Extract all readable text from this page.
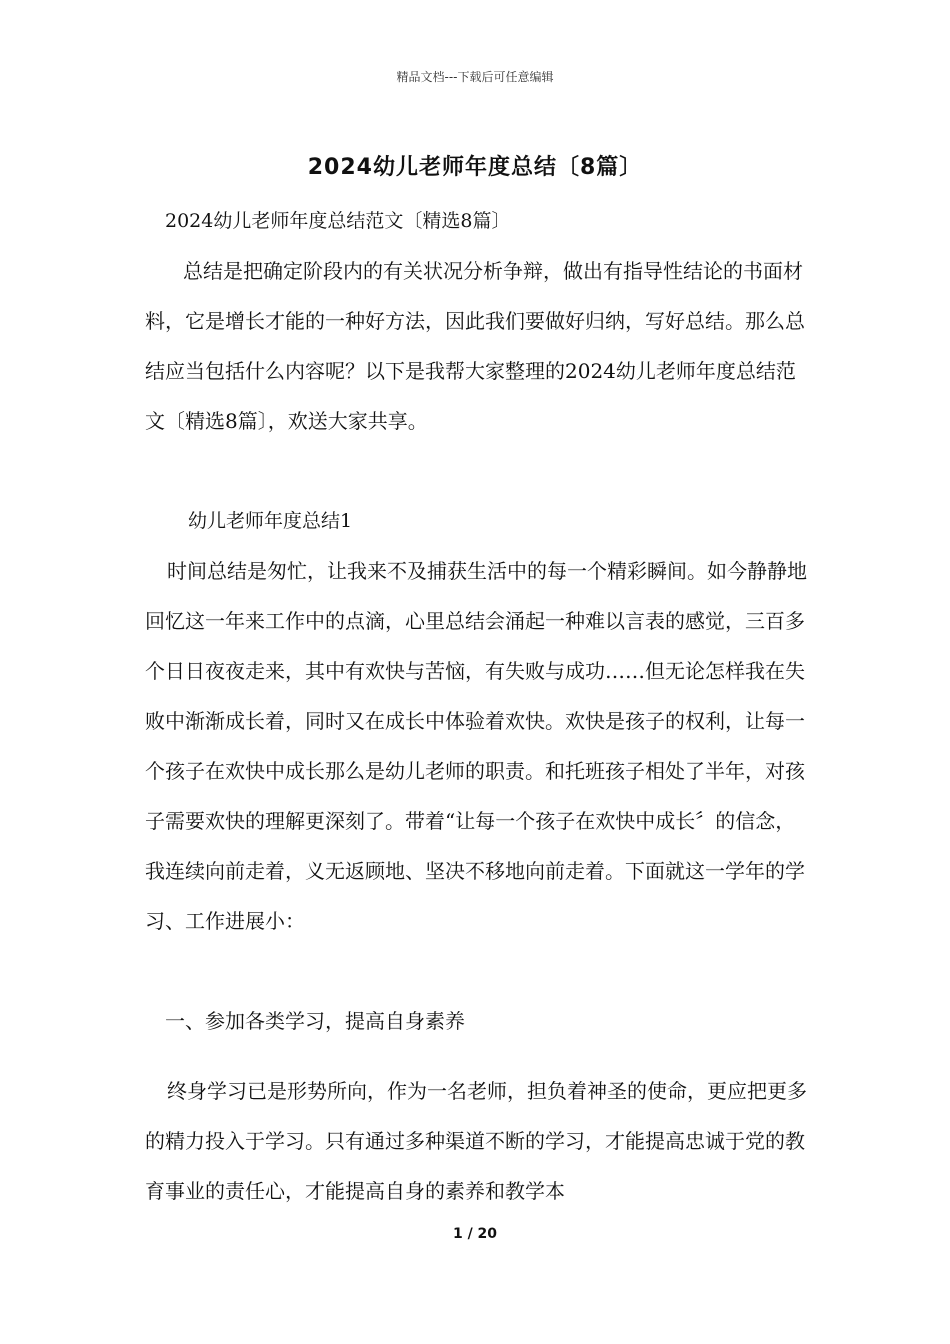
精品文档---下载后可任意编辑
2024幼儿老师年度总结〔8篇〕
2024幼儿老师年度总结范文〔精选8篇〕

总结是把确定阶段内的有关状况分析争辩，做出有指导性结论的书面材料，它是增长才能的一种好方法，因此我们要做好归纳，写好总结。那么总结应当包括什么内容呢？以下是我帮大家整理的2024幼儿老师年度总结范文〔精选8篇〕，欢送大家共享。

幼儿老师年度总结1

时间总结是匆忙，让我来不及捕获生活中的每一个精彩瞬间。如今静静地回忆这一年来工作中的点滴，心里总结会涌起一种难以言表的感觉，三百多个日日夜夜走来，其中有欢快与苦恼，有失败与成功……但无论怎样我在失败中渐渐成长着，同时又在成长中体验着欢快。欢快是孩子的权利，让每一个孩子在欢快中成长那么是幼儿老师的职责。和托班孩子相处了半年，对孩子需要欢快的理解更深刻了。带着“让每一个孩子在欢快中成长〞的信念，我连续向前走着，义无返顾地、坚决不移地向前走着。下面就这一学年的学习、工作进展小：

一、参加各类学习，提高自身素养

终身学习已是形势所向，作为一名老师，担负着神圣的使命，更应把更多的精力投入于学习。只有通过多种渠道不断的学习，才能提高忠诚于党的教育事业的责任心，才能提高自身的素养和教学本

1 / 20
